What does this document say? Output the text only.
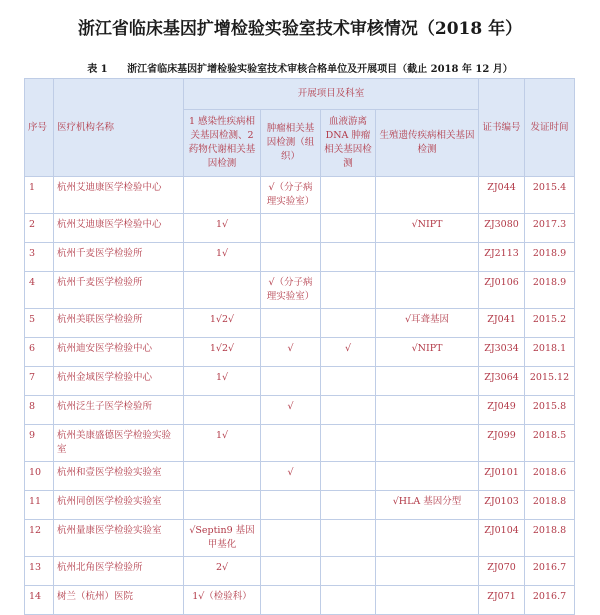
浙江省临床基因扩增检验实验室技术审核情况（2018 年）
表 1 浙江省临床基因扩增检验实验室技术审核合格单位及开展项目（截止 2018 年 12 月）
序号	医疗机构名称	开展项目及科室				证书编号	发证时间
		1 感染性疾病相关基因检测、2 药物代谢相关基因检测	肿瘤相关基因检测（组织）	血液游离 DNA 肿瘤相关基因检测	生殖遗传疾病相关基因检测		
1	杭州艾迪康医学检验中心		√（分子病理实验室）			ZJ044	2015.4
2	杭州艾迪康医学检验中心	1√			√NIPT	ZJ3080	2017.3
3	杭州千麦医学检验所	1√				ZJ2113	2018.9
4	杭州千麦医学检验所		√（分子病理实验室）			ZJ0106	2018.9
5	杭州美联医学检验所	1√2√			√耳聋基因	ZJ041	2015.2
6	杭州迪安医学检验中心	1√2√	√	√	√NIPT	ZJ3034	2018.1
7	杭州金域医学检验中心	1√				ZJ3064	2015.12
8	杭州泛生子医学检验所		√			ZJ049	2015.8
9	杭州美康盛德医学检验实验室	1√				ZJ099	2018.5
10	杭州和壹医学检验实验室		√			ZJ0101	2018.6
11	杭州同创医学检验实验室				√HLA 基因分型	ZJ0103	2018.8
12	杭州量康医学检验实验室	√Septin9 基因甲基化				ZJ0104	2018.8
13	杭州北角医学检验所	2√				ZJ070	2016.7
14	树兰（杭州）医院	1√（检验科）				ZJ071	2016.7
